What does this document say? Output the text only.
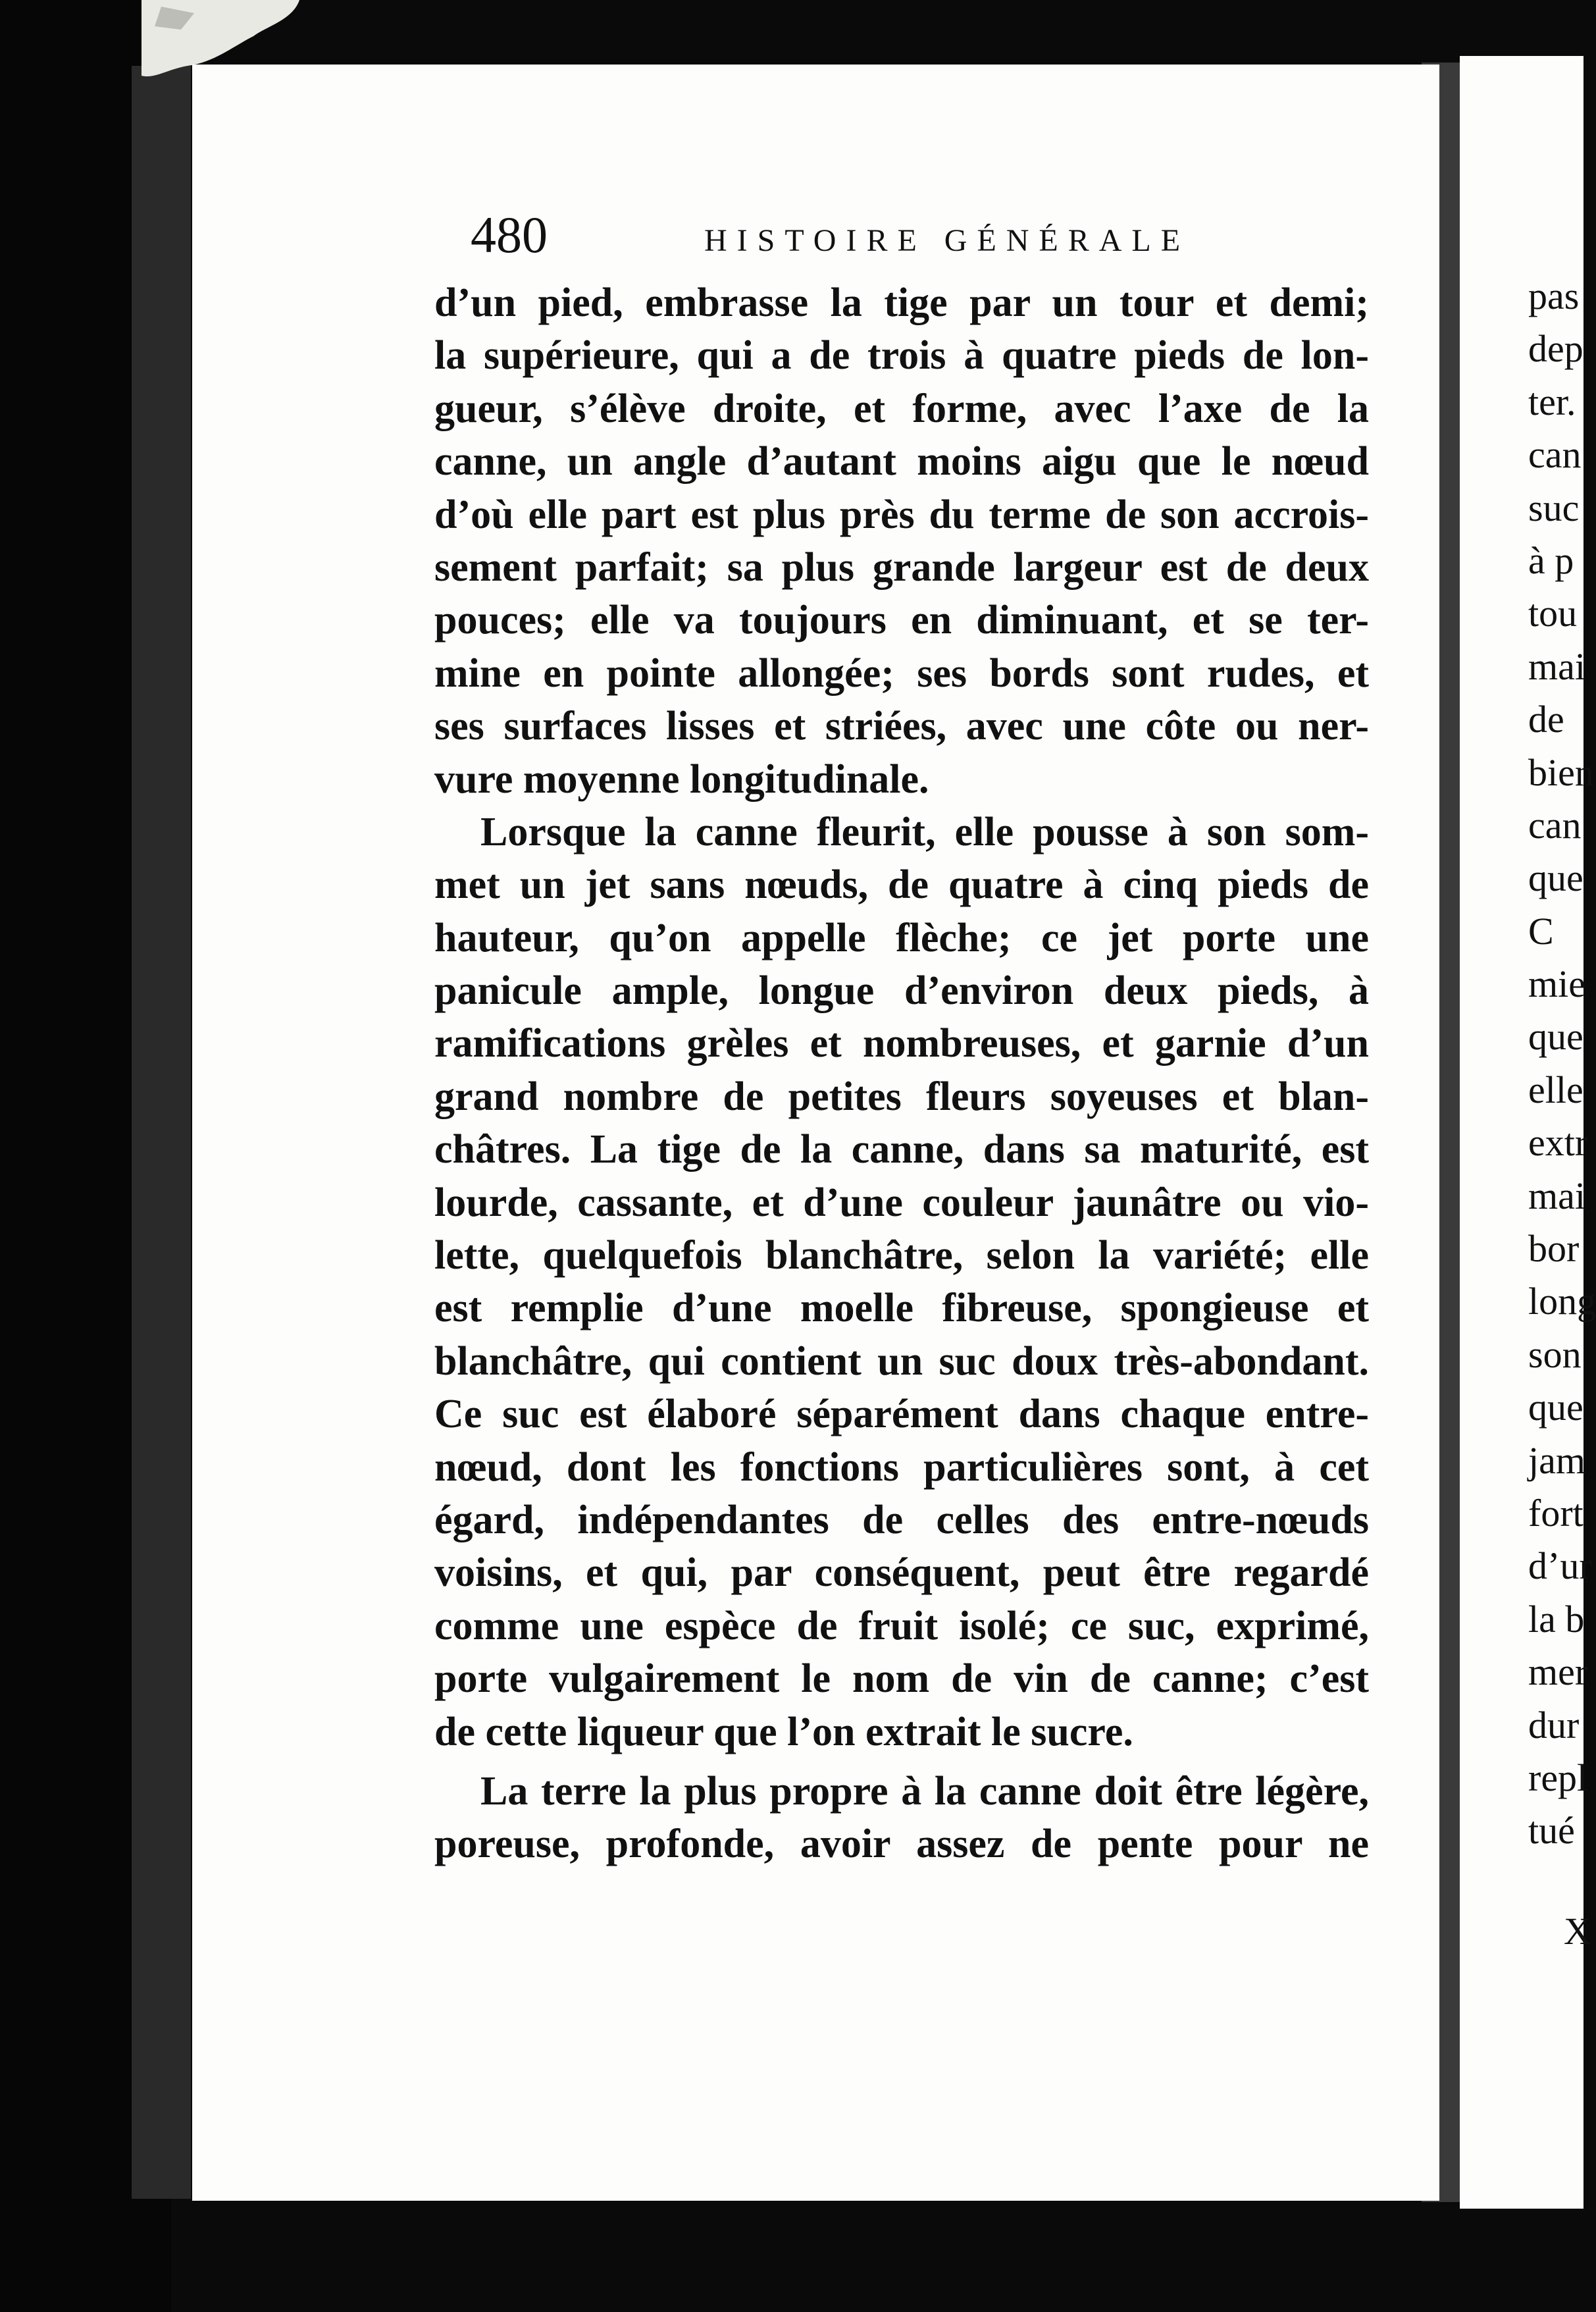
480	HISTOIRE GÉNÉRALE
d’un pied, embrasse la tige par un tour et demi;
la supérieure, qui a de trois à quatre pieds de lon-
gueur, s’élève droite, et forme, avec l’axe de la
canne, un angle d’autant moins aigu que le nœud
d’où elle part est plus près du terme de son accrois-
sement parfait; sa plus grande largeur est de deux
pouces; elle va toujours en diminuant, et se ter-
mine en pointe allongée; ses bords sont rudes, et
ses surfaces lisses et striées, avec une côte ou ner-
vure moyenne longitudinale.
Lorsque la canne fleurit, elle pousse à son som-
met un jet sans nœuds, de quatre à cinq pieds de
hauteur, qu’on appelle flèche; ce jet porte une
panicule ample, longue d’environ deux pieds, à
ramifications grèles et nombreuses, et garnie d’un
grand nombre de petites fleurs soyeuses et blan-
châtres. La tige de la canne, dans sa maturité, est
lourde, cassante, et d’une couleur jaunâtre ou vio-
lette, quelquefois blanchâtre, selon la variété; elle
est remplie d’une moelle fibreuse, spongieuse et
blanchâtre, qui contient un suc doux très-abondant.
Ce suc est élaboré séparément dans chaque entre-
nœud, dont les fonctions particulières sont, à cet
égard, indépendantes de celles des entre-nœuds
voisins, et qui, par conséquent, peut être regardé
comme une espèce de fruit isolé; ce suc, exprimé,
porte vulgairement le nom de vin de canne; c’est
de cette liqueur que l’on extrait le sucre.
La terre la plus propre à la canne doit être légère,
poreuse, profonde, avoir assez de pente pour ne
pas
dep
ter.
can
suc
à p
tou
mai
de
bien
can
que
C
mie
que
elle
extr
mai
bor
long
son
que
jam
fort
d’ur
la b
mer
dur
repl
tué
X
